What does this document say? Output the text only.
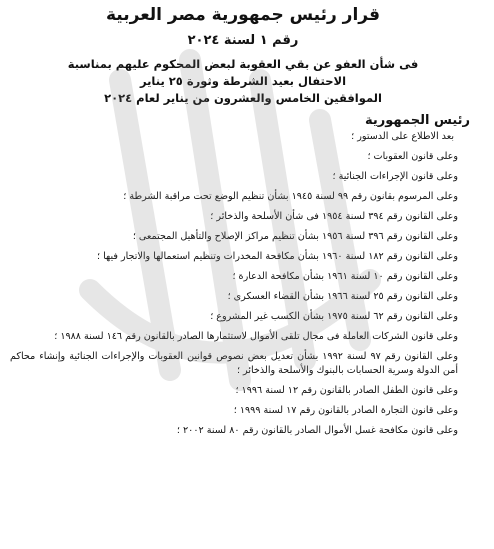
قرار رئيس جمهورية مصر العربية
رقم ١ لسنة ٢٠٢٤

فى شأن العفو عن بقي العقوبة لبعض المحكوم عليهم بمناسبة

الاحتفال بعيد الشرطة وثورة ٢٥ يناير

الموافقين الخامس والعشرون من يناير لعام ٢٠٢٤

رئيس الجمهورية

بعد الاطلاع على الدستور ؛

وعلى قانون العقوبات ؛

وعلى قانون الإجراءات الجنائية ؛

وعلى المرسوم بقانون رقم ٩٩ لسنة ١٩٤٥ بشأن تنظيم الوضع تحت مراقبة الشرطة ؛

وعلى القانون رقم ٣٩٤ لسنة ١٩٥٤ فى شأن الأسلحة والذخائر ؛

وعلى القانون رقم ٣٩٦ لسنة ١٩٥٦ بشأن تنظيم مراكز الإصلاح والتأهيل المجتمعى ؛

وعلى القانون رقم ١٨٢ لسنة ١٩٦٠ بشأن مكافحة المخدرات وتنظيم استعمالها والاتجار فيها ؛

وعلى القانون رقم ١٠ لسنة ١٩٦١ بشأن مكافحة الدعارة ؛

وعلى القانون رقم ٢٥ لسنة ١٩٦٦ بشأن القضاء العسكرى ؛

وعلى القانون رقم ٦٢ لسنة ١٩٧٥ بشأن الكسب غير المشروع ؛

وعلى قانون الشركات العاملة فى مجال تلقى الأموال لاستثمارها الصادر بالقانون رقم ١٤٦ لسنة ١٩٨٨ ؛

وعلى القانون رقم ٩٧ لسنة ١٩٩٢ بشأن تعديل بعض نصوص قوانين العقوبات والإجراءات الجنائية وإنشاء محاكم أمن الدولة وسرية الحسابات بالبنوك والأسلحة والذخائر ؛

وعلى قانون الطفل الصادر بالقانون رقم ١٢ لسنة ١٩٩٦ ؛

وعلى قانون التجارة الصادر بالقانون رقم ١٧ لسنة ١٩٩٩ ؛

وعلى قانون مكافحة غسل الأموال الصادر بالقانون رقم ٨٠ لسنة ٢٠٠٢ ؛
